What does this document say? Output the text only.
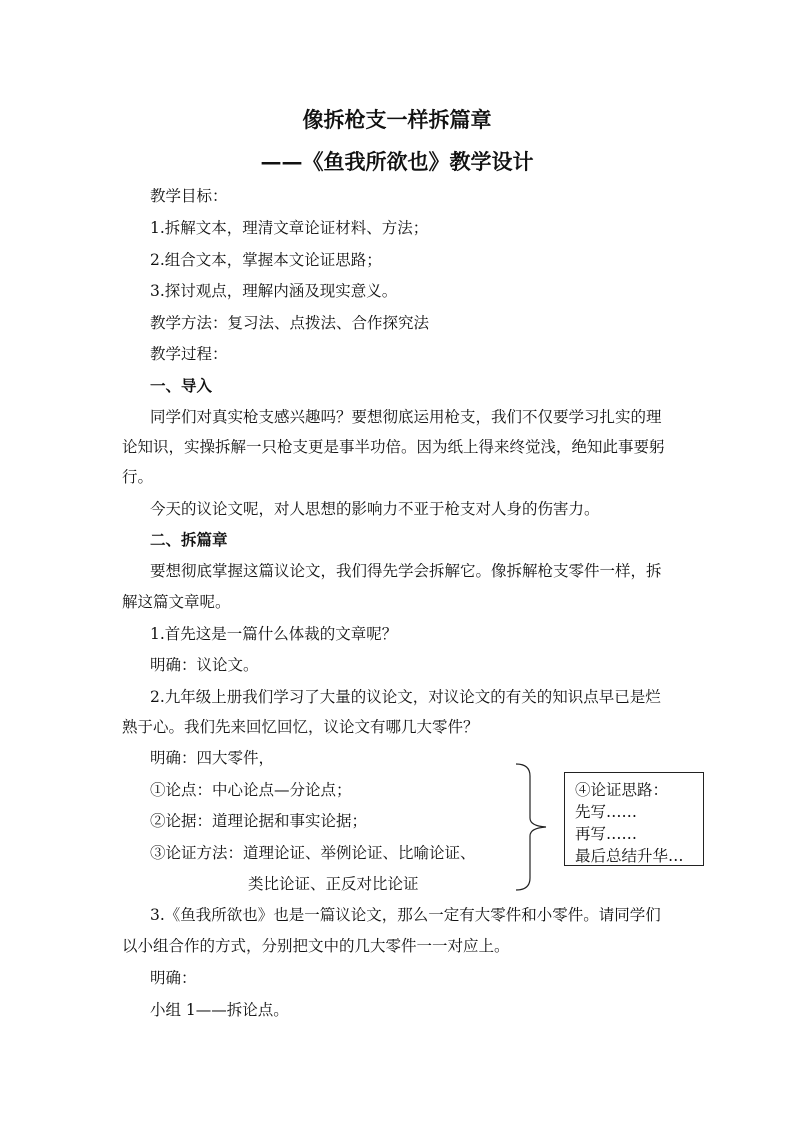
像拆枪支一样拆篇章
——《鱼我所欲也》教学设计
教学目标：
1.拆解文本，理清文章论证材料、方法；
2.组合文本，掌握本文论证思路；
3.探讨观点，理解内涵及现实意义。
教学方法：复习法、点拨法、合作探究法
教学过程：
一、导入
同学们对真实枪支感兴趣吗？要想彻底运用枪支，我们不仅要学习扎实的理
论知识，实操拆解一只枪支更是事半功倍。因为纸上得来终觉浅，绝知此事要躬
行。
今天的议论文呢，对人思想的影响力不亚于枪支对人身的伤害力。
二、拆篇章
要想彻底掌握这篇议论文，我们得先学会拆解它。像拆解枪支零件一样，拆
解这篇文章呢。
1.首先这是一篇什么体裁的文章呢？
明确：议论文。
2.九年级上册我们学习了大量的议论文，对议论文的有关的知识点早已是烂
熟于心。我们先来回忆回忆，议论文有哪几大零件？
明确：四大零件，
①论点：中心论点—分论点；
②论据：道理论据和事实论据；
③论证方法：道理论证、举例论证、比喻论证、
类比论证、正反对比论证
④论证思路：
先写……
再写……
最后总结升华…
3.《鱼我所欲也》也是一篇议论文，那么一定有大零件和小零件。请同学们
以小组合作的方式，分别把文中的几大零件一一对应上。
明确：
小组 1——拆论点。
